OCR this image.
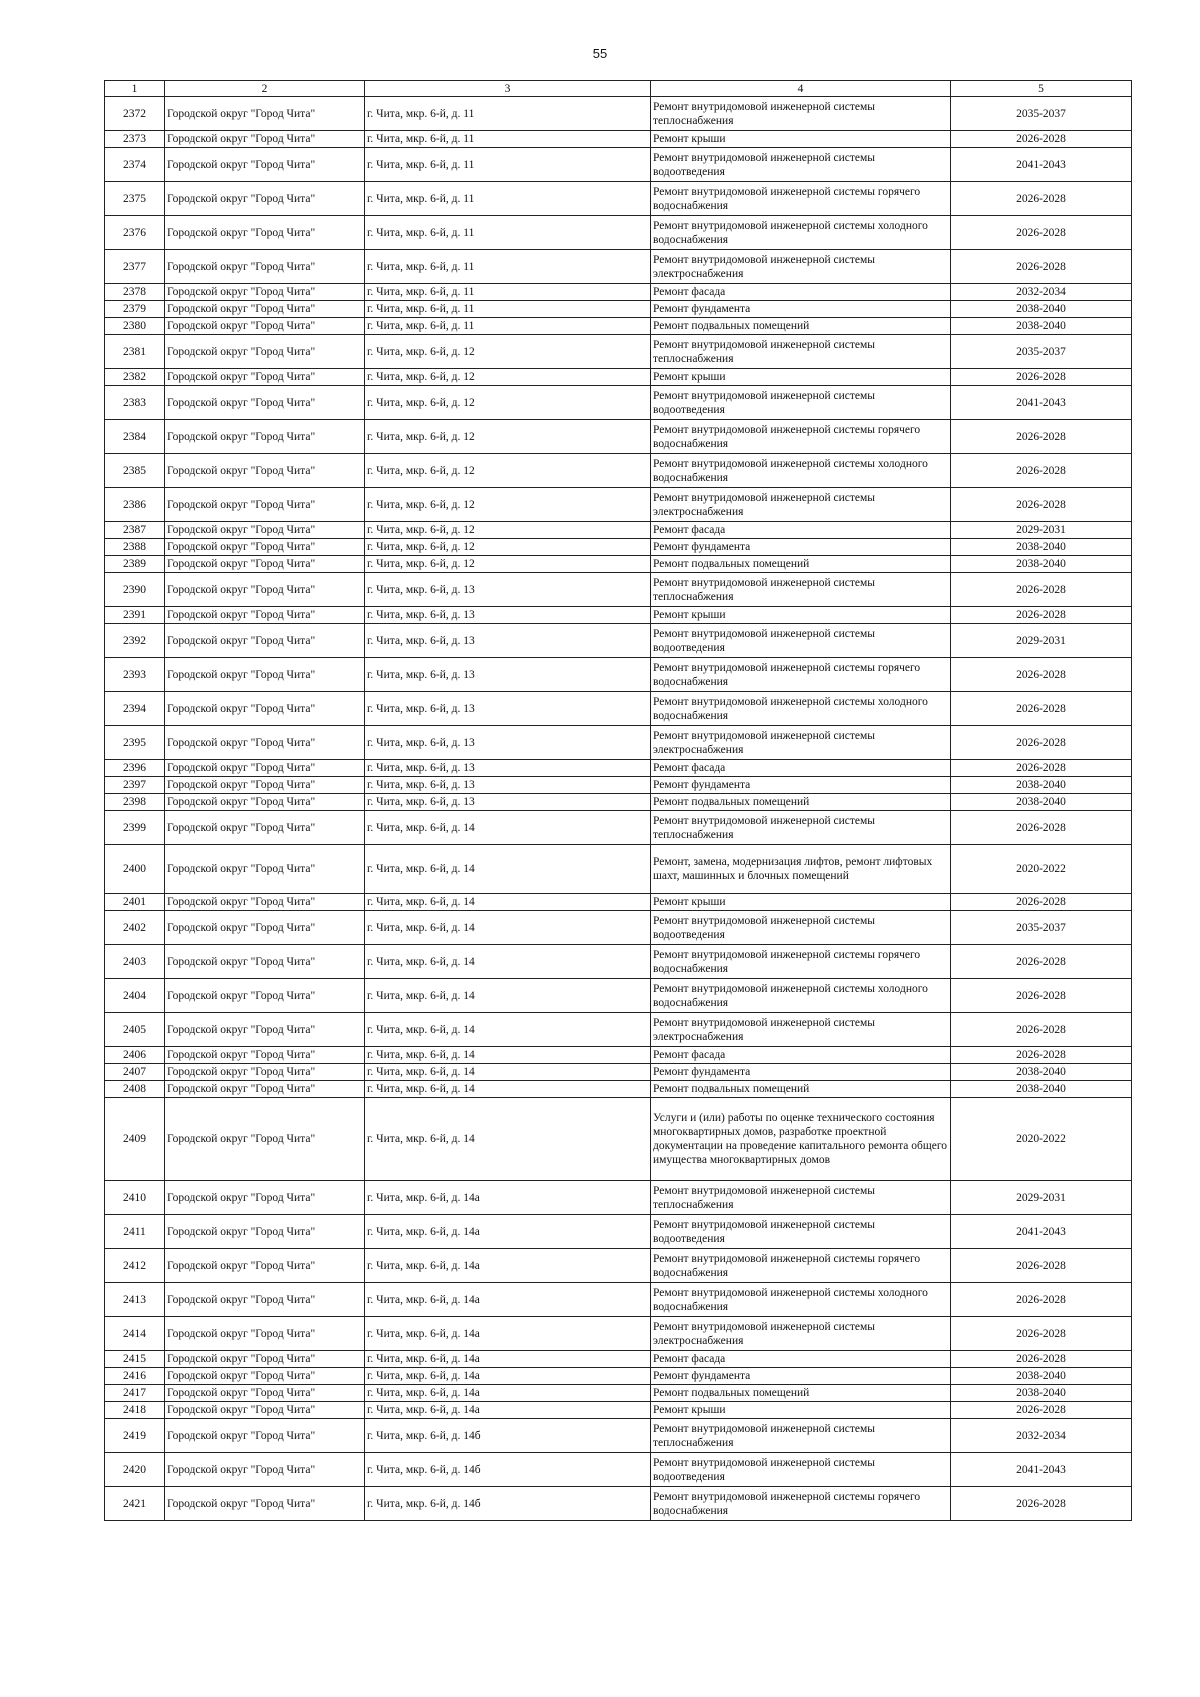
55
1	2	3	4	5
2372	Городской округ "Город Чита"	г. Чита, мкр. 6-й, д. 11	Ремонт внутридомовой инженерной системы теплоснабжения	2035-2037
2373	Городской округ "Город Чита"	г. Чита, мкр. 6-й, д. 11	Ремонт крыши	2026-2028
2374	Городской округ "Город Чита"	г. Чита, мкр. 6-й, д. 11	Ремонт внутридомовой инженерной системы водоотведения	2041-2043
2375	Городской округ "Город Чита"	г. Чита, мкр. 6-й, д. 11	Ремонт внутридомовой инженерной системы горячего водоснабжения	2026-2028
2376	Городской округ "Город Чита"	г. Чита, мкр. 6-й, д. 11	Ремонт внутридомовой инженерной системы холодного водоснабжения	2026-2028
2377	Городской округ "Город Чита"	г. Чита, мкр. 6-й, д. 11	Ремонт внутридомовой инженерной системы электроснабжения	2026-2028
2378	Городской округ "Город Чита"	г. Чита, мкр. 6-й, д. 11	Ремонт фасада	2032-2034
2379	Городской округ "Город Чита"	г. Чита, мкр. 6-й, д. 11	Ремонт фундамента	2038-2040
2380	Городской округ "Город Чита"	г. Чита, мкр. 6-й, д. 11	Ремонт подвальных помещений	2038-2040
2381	Городской округ "Город Чита"	г. Чита, мкр. 6-й, д. 12	Ремонт внутридомовой инженерной системы теплоснабжения	2035-2037
2382	Городской округ "Город Чита"	г. Чита, мкр. 6-й, д. 12	Ремонт крыши	2026-2028
2383	Городской округ "Город Чита"	г. Чита, мкр. 6-й, д. 12	Ремонт внутридомовой инженерной системы водоотведения	2041-2043
2384	Городской округ "Город Чита"	г. Чита, мкр. 6-й, д. 12	Ремонт внутридомовой инженерной системы горячего водоснабжения	2026-2028
2385	Городской округ "Город Чита"	г. Чита, мкр. 6-й, д. 12	Ремонт внутридомовой инженерной системы холодного водоснабжения	2026-2028
2386	Городской округ "Город Чита"	г. Чита, мкр. 6-й, д. 12	Ремонт внутридомовой инженерной системы электроснабжения	2026-2028
2387	Городской округ "Город Чита"	г. Чита, мкр. 6-й, д. 12	Ремонт фасада	2029-2031
2388	Городской округ "Город Чита"	г. Чита, мкр. 6-й, д. 12	Ремонт фундамента	2038-2040
2389	Городской округ "Город Чита"	г. Чита, мкр. 6-й, д. 12	Ремонт подвальных помещений	2038-2040
2390	Городской округ "Город Чита"	г. Чита, мкр. 6-й, д. 13	Ремонт внутридомовой инженерной системы теплоснабжения	2026-2028
2391	Городской округ "Город Чита"	г. Чита, мкр. 6-й, д. 13	Ремонт крыши	2026-2028
2392	Городской округ "Город Чита"	г. Чита, мкр. 6-й, д. 13	Ремонт внутридомовой инженерной системы водоотведения	2029-2031
2393	Городской округ "Город Чита"	г. Чита, мкр. 6-й, д. 13	Ремонт внутридомовой инженерной системы горячего водоснабжения	2026-2028
2394	Городской округ "Город Чита"	г. Чита, мкр. 6-й, д. 13	Ремонт внутридомовой инженерной системы холодного водоснабжения	2026-2028
2395	Городской округ "Город Чита"	г. Чита, мкр. 6-й, д. 13	Ремонт внутридомовой инженерной системы электроснабжения	2026-2028
2396	Городской округ "Город Чита"	г. Чита, мкр. 6-й, д. 13	Ремонт фасада	2026-2028
2397	Городской округ "Город Чита"	г. Чита, мкр. 6-й, д. 13	Ремонт фундамента	2038-2040
2398	Городской округ "Город Чита"	г. Чита, мкр. 6-й, д. 13	Ремонт подвальных помещений	2038-2040
2399	Городской округ "Город Чита"	г. Чита, мкр. 6-й, д. 14	Ремонт внутридомовой инженерной системы теплоснабжения	2026-2028
2400	Городской округ "Город Чита"	г. Чита, мкр. 6-й, д. 14	Ремонт, замена, модернизация лифтов, ремонт лифтовых шахт, машинных и блочных помещений	2020-2022
2401	Городской округ "Город Чита"	г. Чита, мкр. 6-й, д. 14	Ремонт крыши	2026-2028
2402	Городской округ "Город Чита"	г. Чита, мкр. 6-й, д. 14	Ремонт внутридомовой инженерной системы водоотведения	2035-2037
2403	Городской округ "Город Чита"	г. Чита, мкр. 6-й, д. 14	Ремонт внутридомовой инженерной системы горячего водоснабжения	2026-2028
2404	Городской округ "Город Чита"	г. Чита, мкр. 6-й, д. 14	Ремонт внутридомовой инженерной системы холодного водоснабжения	2026-2028
2405	Городской округ "Город Чита"	г. Чита, мкр. 6-й, д. 14	Ремонт внутридомовой инженерной системы электроснабжения	2026-2028
2406	Городской округ "Город Чита"	г. Чита, мкр. 6-й, д. 14	Ремонт фасада	2026-2028
2407	Городской округ "Город Чита"	г. Чита, мкр. 6-й, д. 14	Ремонт фундамента	2038-2040
2408	Городской округ "Город Чита"	г. Чита, мкр. 6-й, д. 14	Ремонт подвальных помещений	2038-2040
2409	Городской округ "Город Чита"	г. Чита, мкр. 6-й, д. 14	Услуги и (или) работы по оценке технического состояния многоквартирных домов, разработке проектной документации на проведение капитального ремонта общего имущества многоквартирных домов	2020-2022
2410	Городской округ "Город Чита"	г. Чита, мкр. 6-й, д. 14а	Ремонт внутридомовой инженерной системы теплоснабжения	2029-2031
2411	Городской округ "Город Чита"	г. Чита, мкр. 6-й, д. 14а	Ремонт внутридомовой инженерной системы водоотведения	2041-2043
2412	Городской округ "Город Чита"	г. Чита, мкр. 6-й, д. 14а	Ремонт внутридомовой инженерной системы горячего водоснабжения	2026-2028
2413	Городской округ "Город Чита"	г. Чита, мкр. 6-й, д. 14а	Ремонт внутридомовой инженерной системы холодного водоснабжения	2026-2028
2414	Городской округ "Город Чита"	г. Чита, мкр. 6-й, д. 14а	Ремонт внутридомовой инженерной системы электроснабжения	2026-2028
2415	Городской округ "Город Чита"	г. Чита, мкр. 6-й, д. 14а	Ремонт фасада	2026-2028
2416	Городской округ "Город Чита"	г. Чита, мкр. 6-й, д. 14а	Ремонт фундамента	2038-2040
2417	Городской округ "Город Чита"	г. Чита, мкр. 6-й, д. 14а	Ремонт подвальных помещений	2038-2040
2418	Городской округ "Город Чита"	г. Чита, мкр. 6-й, д. 14а	Ремонт крыши	2026-2028
2419	Городской округ "Город Чита"	г. Чита, мкр. 6-й, д. 14б	Ремонт внутридомовой инженерной системы теплоснабжения	2032-2034
2420	Городской округ "Город Чита"	г. Чита, мкр. 6-й, д. 14б	Ремонт внутридомовой инженерной системы водоотведения	2041-2043
2421	Городской округ "Город Чита"	г. Чита, мкр. 6-й, д. 14б	Ремонт внутридомовой инженерной системы горячего водоснабжения	2026-2028
